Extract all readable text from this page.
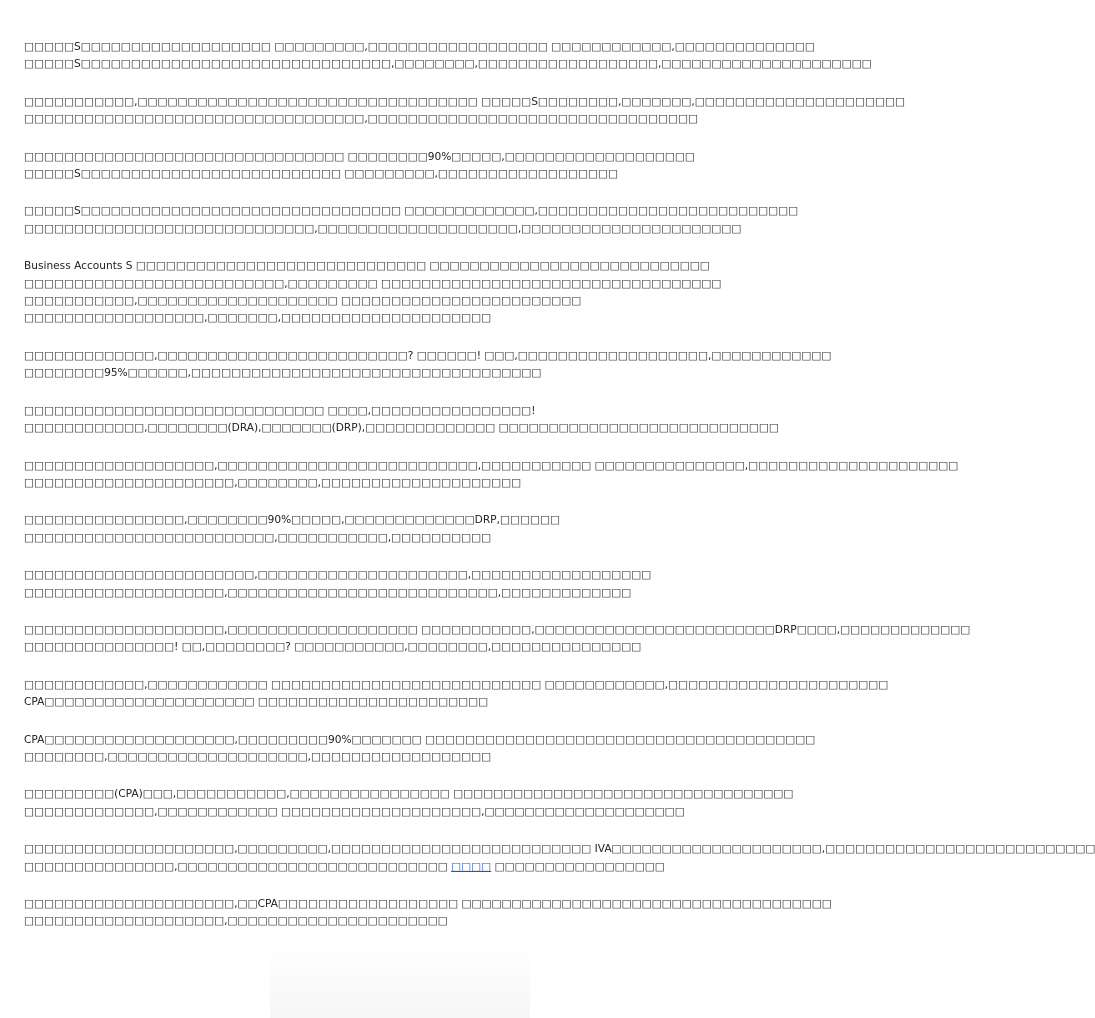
□□□□□S□□□□□□□□□□□□□□□□□□□ □□□□□□□□□,□□□□□□□□□□□□□□□□□□ □□□□□□□□□□□□,□□□□□□□□□□□□□□
□□□□□S□□□□□□□□□□□□□□□□□□□□□□□□□□□□□□□,□□□□□□□□,□□□□□□□□□□□□□□□□□□,□□□□□□□□□□□□□□□□□□□□□
□□□□□□□□□□□,□□□□□□□□□□□□□□□□□□□□□□□□□□□□□□□□□□ □□□□□S□□□□□□□□,□□□□□□□,□□□□□□□□□□□□□□□□□□□□□
□□□□□□□□□□□□□□□□□□□□□□□□□□□□□□□□□□,□□□□□□□□□□□□□□□□□□□□□□□□□□□□□□□□□
□□□□□□□□□□□□□□□□□□□□□□□□□□□□□□□□ □□□□□□□□90%□□□□□,□□□□□□□□□□□□□□□□□□□
□□□□□S□□□□□□□□□□□□□□□□□□□□□□□□□□ □□□□□□□□□,□□□□□□□□□□□□□□□□□□
□□□□□S□□□□□□□□□□□□□□□□□□□□□□□□□□□□□□□□ □□□□□□□□□□□□□,□□□□□□□□□□□□□□□□□□□□□□□□□□
□□□□□□□□□□□□□□□□□□□□□□□□□□□□□,□□□□□□□□□□□□□□□□□□□□,□□□□□□□□□□□□□□□□□□□□□□
Business Accounts S □□□□□□□□□□□□□□□□□□□□□□□□□□□□□ □□□□□□□□□□□□□□□□□□□□□□□□□□□□
□□□□□□□□□□□□□□□□□□□□□□□□□□,□□□□□□□□□ □□□□□□□□□□□□□□□□□□□□□□□□□□□□□□□□□□
□□□□□□□□□□□,□□□□□□□□□□□□□□□□□□□□ □□□□□□□□□□□□□□□□□□□□□□□□
□□□□□□□□□□□□□□□□□□,□□□□□□□,□□□□□□□□□□□□□□□□□□□□□
□□□□□□□□□□□□□,□□□□□□□□□□□□□□□□□□□□□□□□□? □□□□□□! □□□,□□□□□□□□□□□□□□□□□□□,□□□□□□□□□□□□
□□□□□□□□95%□□□□□□,□□□□□□□□□□□□□□□□□□□□□□□□□□□□□□□□□□□
□□□□□□□□□□□□□□□□□□□□□□□□□□□□□□ □□□□,□□□□□□□□□□□□□□□□!
□□□□□□□□□□□□,□□□□□□□□(DRA),□□□□□□□(DRP),□□□□□□□□□□□□□ □□□□□□□□□□□□□□□□□□□□□□□□□□□□
□□□□□□□□□□□□□□□□□□□,□□□□□□□□□□□□□□□□□□□□□□□□□□,□□□□□□□□□□□ □□□□□□□□□□□□□□□,□□□□□□□□□□□□□□□□□□□□□
□□□□□□□□□□□□□□□□□□□□□,□□□□□□□□,□□□□□□□□□□□□□□□□□□□□
□□□□□□□□□□□□□□□□,□□□□□□□□90%□□□□□,□□□□□□□□□□□□□DRP,□□□□□□
□□□□□□□□□□□□□□□□□□□□□□□□□,□□□□□□□□□□□,□□□□□□□□□□
□□□□□□□□□□□□□□□□□□□□□□□,□□□□□□□□□□□□□□□□□□□□□,□□□□□□□□□□□□□□□□□□
□□□□□□□□□□□□□□□□□□□□,□□□□□□□□□□□□□□□□□□□□□□□□□□□,□□□□□□□□□□□□□
□□□□□□□□□□□□□□□□□□□□,□□□□□□□□□□□□□□□□□□□ □□□□□□□□□□□,□□□□□□□□□□□□□□□□□□□□□□□□DRP□□□□,□□□□□□□□□□□□□
□□□□□□□□□□□□□□□! □□,□□□□□□□□? □□□□□□□□□□□,□□□□□□□□,□□□□□□□□□□□□□□□
□□□□□□□□□□□□,□□□□□□□□□□□□ □□□□□□□□□□□□□□□□□□□□□□□□□□□ □□□□□□□□□□□□,□□□□□□□□□□□□□□□□□□□□□□
CPA□□□□□□□□□□□□□□□□□□□□□ □□□□□□□□□□□□□□□□□□□□□□□
CPA□□□□□□□□□□□□□□□□□□□,□□□□□□□□□90%□□□□□□□ □□□□□□□□□□□□□□□□□□□□□□□□□□□□□□□□□□□□□□□
□□□□□□□□,□□□□□□□□□□□□□□□□□□□□,□□□□□□□□□□□□□□□□□□
□□□□□□□□□(CPA)□□□,□□□□□□□□□□□,□□□□□□□□□□□□□□□□ □□□□□□□□□□□□□□□□□□□□□□□□□□□□□□□□□□
□□□□□□□□□□□□□,□□□□□□□□□□□□ □□□□□□□□□□□□□□□□□□□□,□□□□□□□□□□□□□□□□□□□□
□□□□□□□□□□□□□□□□□□□□□,□□□□□□□□□,□□□□□□□□□□□□□□□□□□□□□□□□□□ IVA□□□□□□□□□□□□□□□□□□□□□,□□□□□□□□□□□□□□□□□□□□□□□□□□□
□□□□□□□□□□□□□□□,□□□□□□□□□□□□□□□□□□□□□□□□□□□ □□□□ □□□□□□□□□□□□□□□□□
□□□□□□□□□□□□□□□□□□□□□,□□CPA□□□□□□□□□□□□□□□□□□ □□□□□□□□□□□□□□□□□□□□□□□□□□□□□□□□□□□□□
□□□□□□□□□□□□□□□□□□□□,□□□□□□□□□□□□□□□□□□□□□□
